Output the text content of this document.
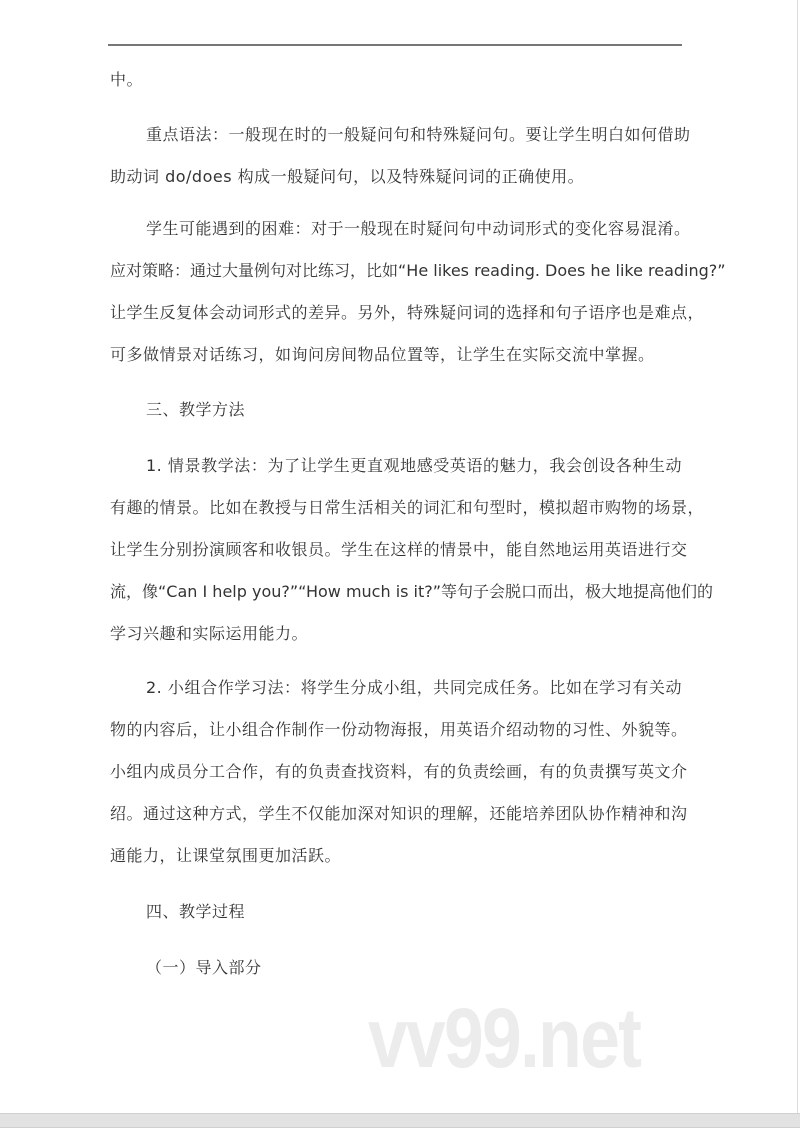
中。
重点语法：一般现在时的一般疑问句和特殊疑问句。要让学生明白如何借助
助动词 do/does 构成一般疑问句，以及特殊疑问词的正确使用。
学生可能遇到的困难：对于一般现在时疑问句中动词形式的变化容易混淆。
应对策略：通过大量例句对比练习，比如“He likes reading. Does he like reading?”
让学生反复体会动词形式的差异。另外，特殊疑问词的选择和句子语序也是难点，
可多做情景对话练习，如询问房间物品位置等，让学生在实际交流中掌握。
三、教学方法
1. 情景教学法：为了让学生更直观地感受英语的魅力，我会创设各种生动
有趣的情景。比如在教授与日常生活相关的词汇和句型时，模拟超市购物的场景，
让学生分别扮演顾客和收银员。学生在这样的情景中，能自然地运用英语进行交
流，像“Can I help you?”“How much is it?”等句子会脱口而出，极大地提高他们的
学习兴趣和实际运用能力。
2. 小组合作学习法：将学生分成小组，共同完成任务。比如在学习有关动
物的内容后，让小组合作制作一份动物海报，用英语介绍动物的习性、外貌等。
小组内成员分工合作，有的负责查找资料，有的负责绘画，有的负责撰写英文介
绍。通过这种方式，学生不仅能加深对知识的理解，还能培养团队协作精神和沟
通能力，让课堂氛围更加活跃。
四、教学过程
（一）导入部分
vv99.net
